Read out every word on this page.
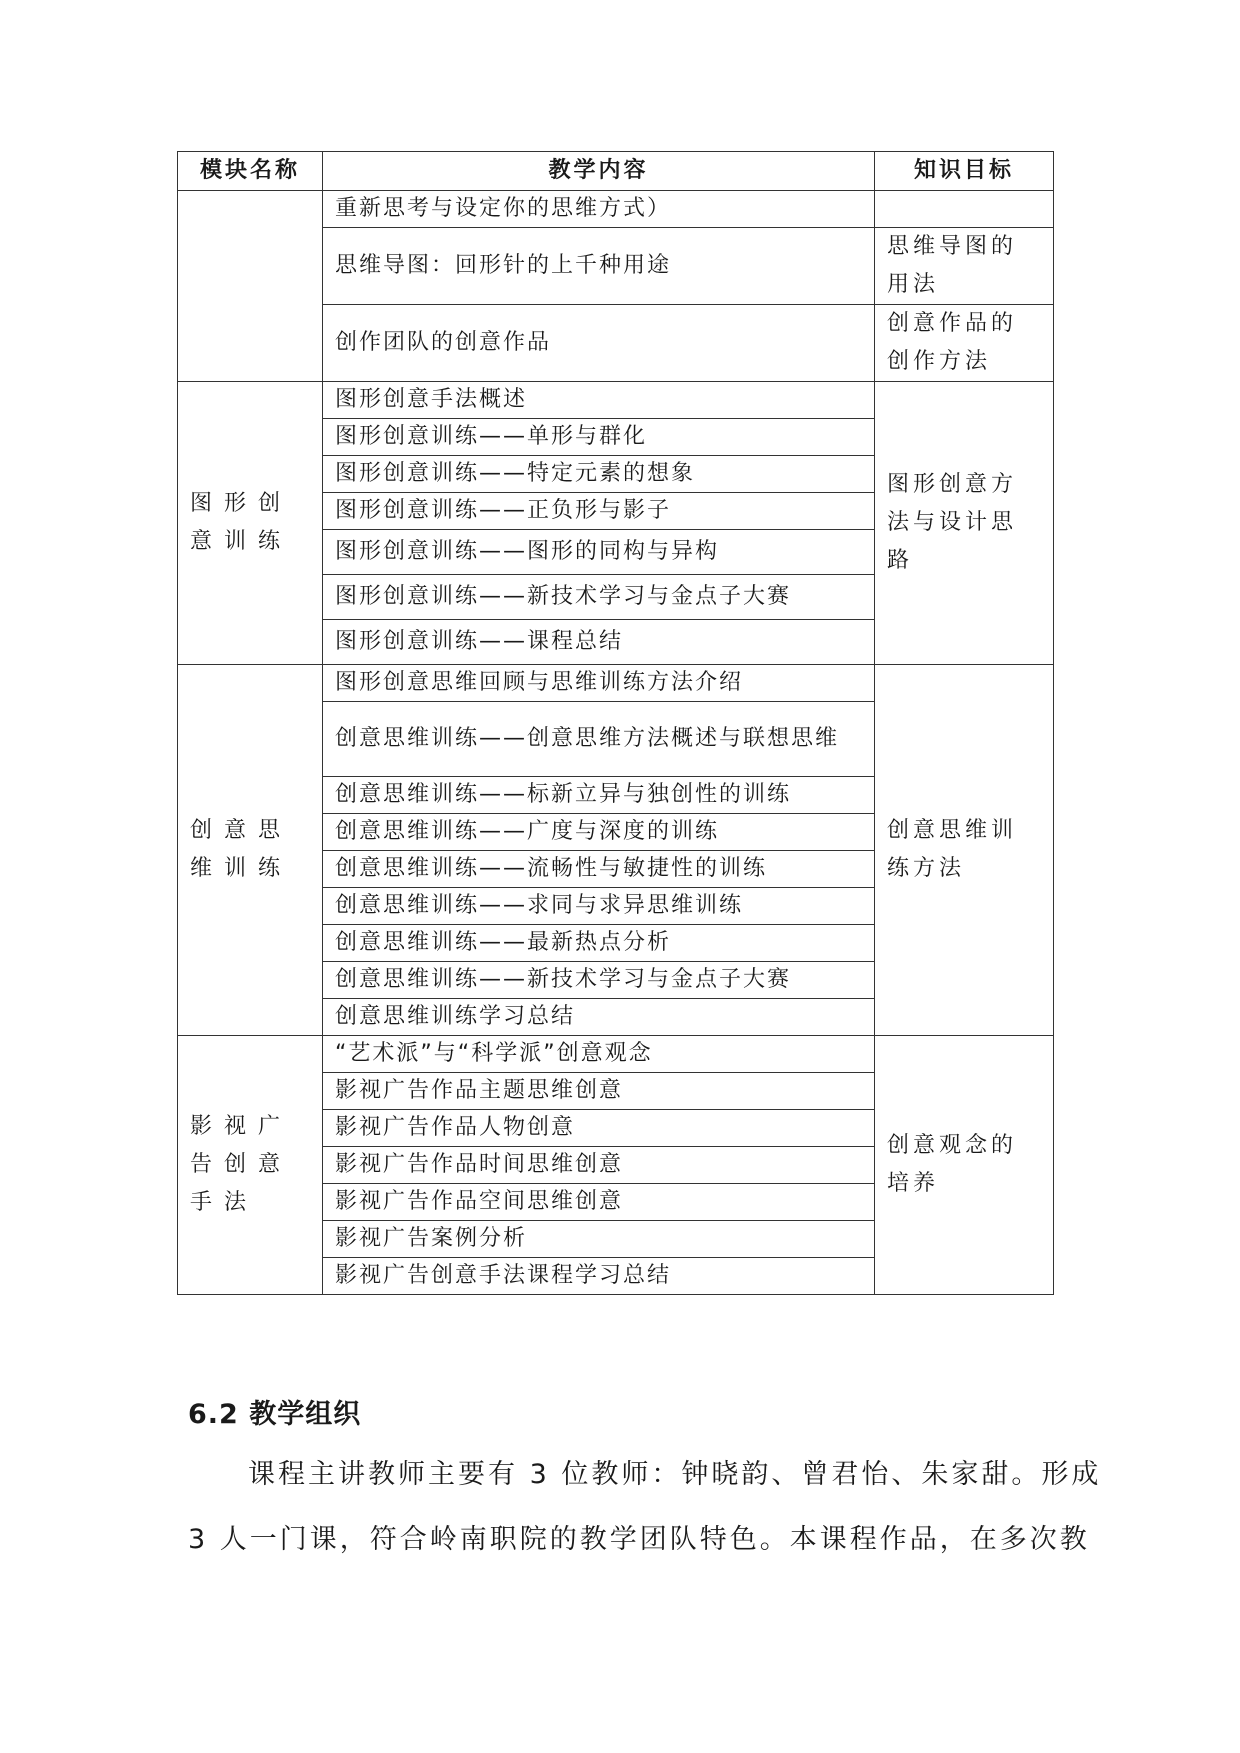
模块名称	教学内容	知识目标
	重新思考与设定你的思维方式）	
	思维导图：回形针的上千种用途	思维导图的用法
	创作团队的创意作品	创意作品的创作方法
图形创意训练	图形创意手法概述	图形创意方法与设计思路
	图形创意训练——单形与群化	
	图形创意训练——特定元素的想象	
	图形创意训练——正负形与影子	
	图形创意训练——图形的同构与异构	
	图形创意训练——新技术学习与金点子大赛	
	图形创意训练——课程总结	
创意思维训练	图形创意思维回顾与思维训练方法介绍	创意思维训练方法
	创意思维训练——创意思维方法概述与联想思维	
	创意思维训练——标新立异与独创性的训练	
	创意思维训练——广度与深度的训练	
	创意思维训练——流畅性与敏捷性的训练	
	创意思维训练——求同与求异思维训练	
	创意思维训练——最新热点分析	
	创意思维训练——新技术学习与金点子大赛	
	创意思维训练学习总结	
影视广告创意手法	“艺术派”与“科学派”创意观念	创意观念的培养
	影视广告作品主题思维创意	
	影视广告作品人物创意	
	影视广告作品时间思维创意	
	影视广告作品空间思维创意	
	影视广告案例分析	
	影视广告创意手法课程学习总结	
6.2 教学组织
课程主讲教师主要有 3 位教师：钟晓韵、曾君怡、朱家甜。形成
3 人一门课，符合岭南职院的教学团队特色。本课程作品，在多次教
